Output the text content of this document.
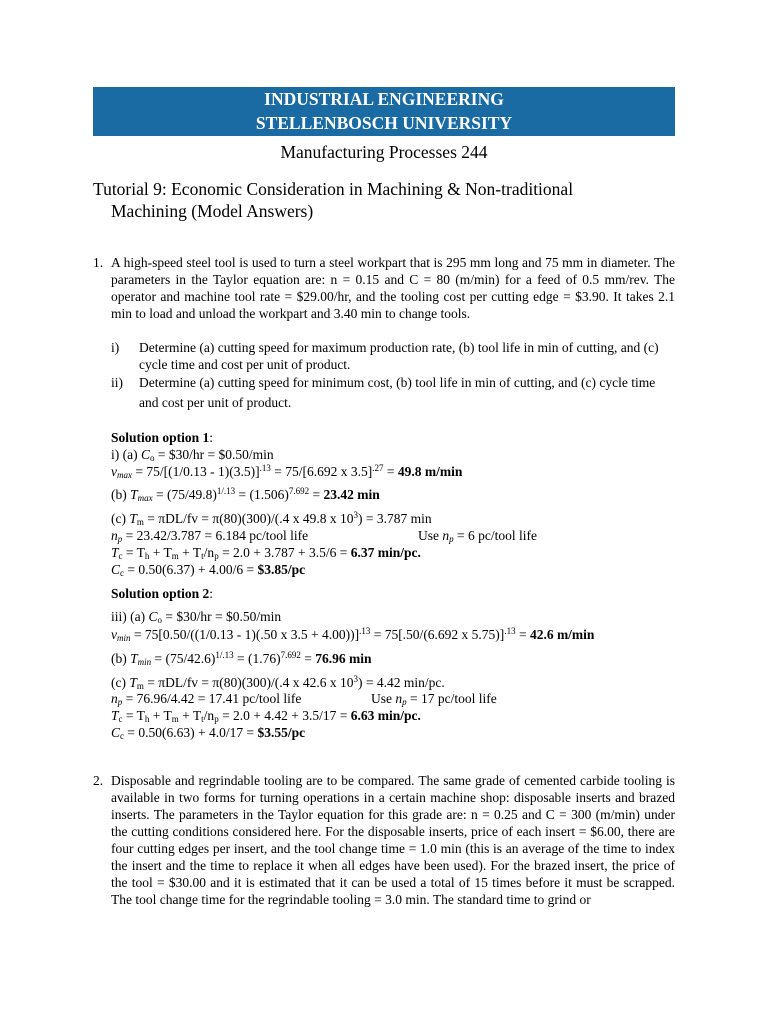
INDUSTRIAL ENGINEERING
STELLENBOSCH UNIVERSITY
Manufacturing Processes 244
Tutorial 9: Economic Consideration in Machining & Non-traditional
Machining (Model Answers)
1. A high-speed steel tool is used to turn a steel workpart that is 295 mm long and 75 mm in diameter. The parameters in the Taylor equation are: n = 0.15 and C = 80 (m/min) for a feed of 0.5 mm/rev. The operator and machine tool rate = $29.00/hr, and the tooling cost per cutting edge = $3.90. It takes 2.1 min to load and unload the workpart and 3.40 min to change tools.
i) Determine (a) cutting speed for maximum production rate, (b) tool life in min of cutting, and (c) cycle time and cost per unit of product.
ii) Determine (a) cutting speed for minimum cost, (b) tool life in min of cutting, and (c) cycle time and cost per unit of product.
Solution option 1:
i) (a) $C_o$ = $30/hr = $0.50/min
$v_{max} = 75/[(1/0.13 - 1)(3.5)]^{.13} = 75/[6.692$ x 3.5]$^{.27}$ = 49.8 m/min
(b) $T_{max} = (75/49.8)^{1/.13} = (1.506)^{7.692} = 23.42$ min
(c) $T_m = \pi DL/fv = \pi(80)(300)/(.4$ x 49.8 x $10^3) = 3.787$ min
$n_p = 23.42/3.787 = 6.184$ pc/tool life	Use $n_p = 6$ pc/tool life
$T_c = T_h + T_m + T_t/n_p = 2.0 + 3.787 + 3.5/6 = 6.37$ min/pc.
$C_c = 0.50(6.37) + 4.00/6$ = $3.85/pc
Solution option 2:
iii) (a) $C_o$ = $30/hr = $0.50/min
$v_{min} = 75[0.50/((1/0.13 - 1)(.50$ x 3.5 + 4.00))]$^{.13}$ = 75[.50/(6.692 x 5.75)]$^{.13}$ = 42.6 m/min
(b) $T_{min} = (75/42.6)^{1/.13} = (1.76)^{7.692} = 76.96$ min
(c) $T_m = \pi DL/fv = \pi(80)(300)/(.4$ x 42.6 x $10^3) = 4.42$ min/pc.
$n_p = 76.96/4.42 = 17.41$ pc/tool life	Use $n_p = 17$ pc/tool life
$T_c = T_h + T_m + T_t/n_p = 2.0 + 4.42 + 3.5/17 = 6.63$ min/pc.
$C_c = 0.50(6.63) + 4.0/17$ = $3.55/pc
2. Disposable and regrindable tooling are to be compared. The same grade of cemented carbide tooling is available in two forms for turning operations in a certain machine shop: disposable inserts and brazed inserts. The parameters in the Taylor equation for this grade are: n = 0.25 and C = 300 (m/min) under the cutting conditions considered here. For the disposable inserts, price of each insert = $6.00, there are four cutting edges per insert, and the tool change time = 1.0 min (this is an average of the time to index the insert and the time to replace it when all edges have been used). For the brazed insert, the price of the tool = $30.00 and it is estimated that it can be used a total of 15 times before it must be scrapped. The tool change time for the regrindable tooling = 3.0 min. The standard time to grind or
